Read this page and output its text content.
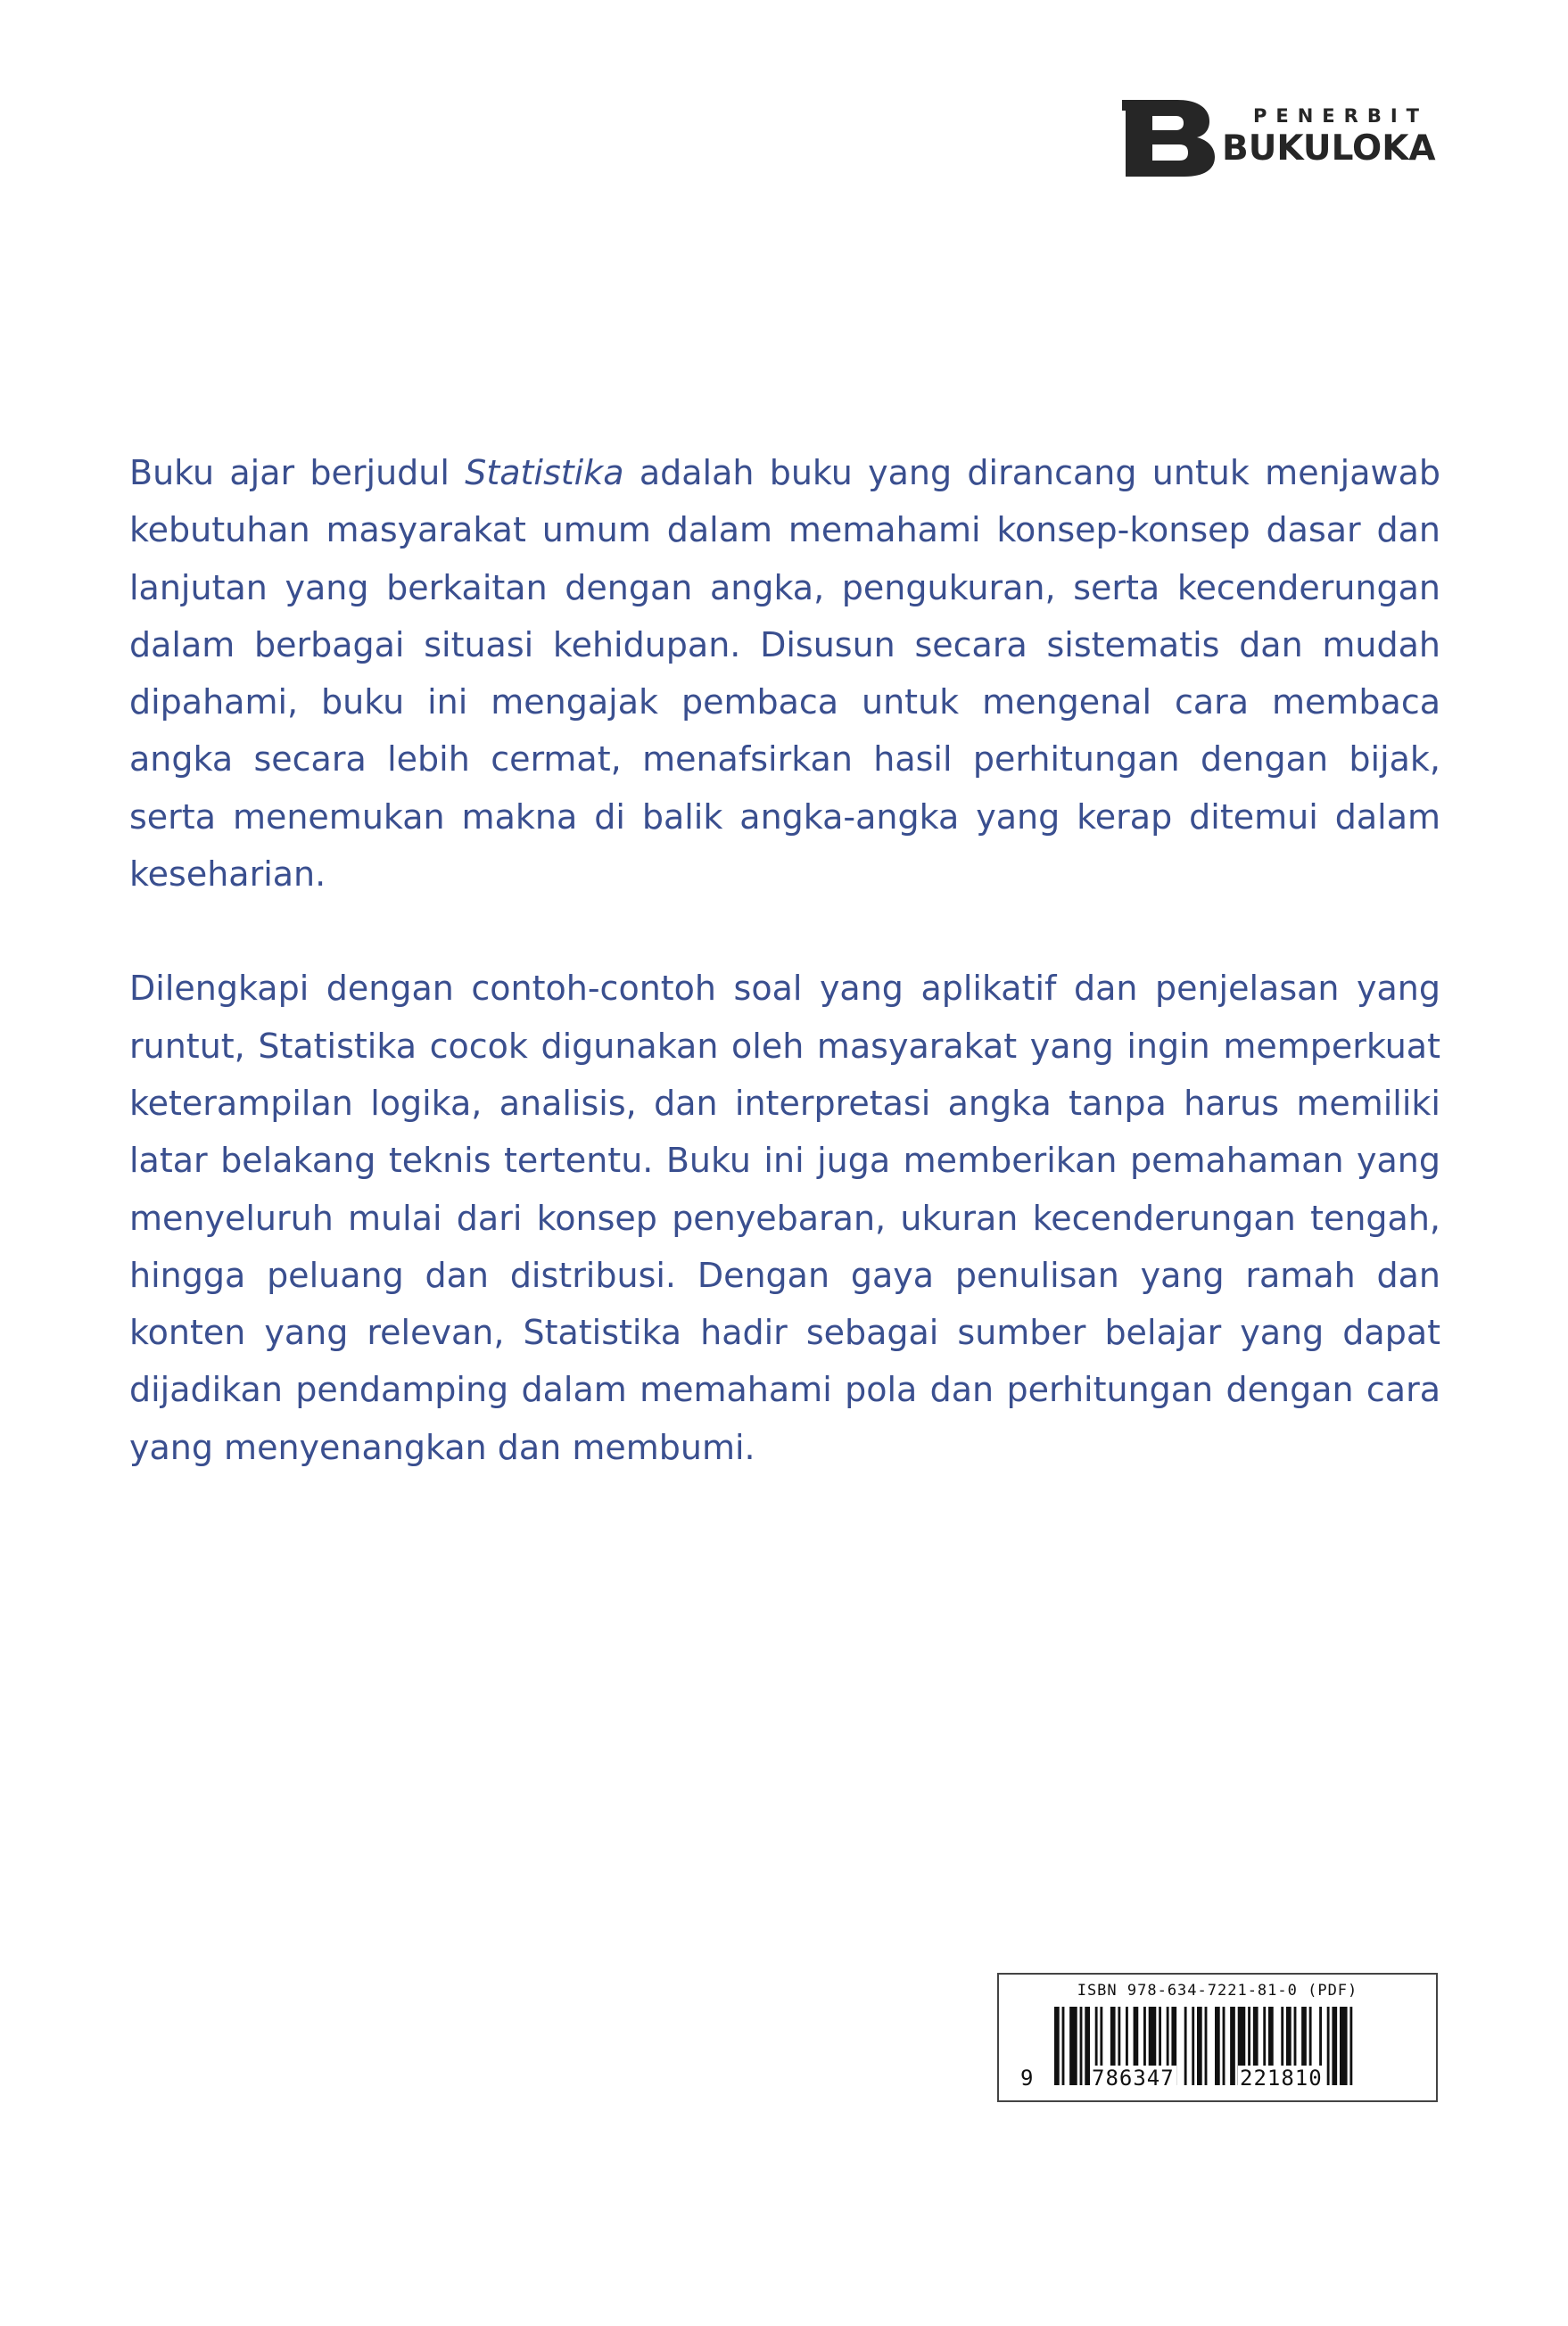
PENERBIT
BUKULOKA

Buku ajar berjudul Statistika adalah buku yang dirancang untuk menjawab kebutuhan masyarakat umum dalam memahami konsep-konsep dasar dan lanjutan yang berkaitan dengan angka, pengukuran, serta kecenderungan dalam berbagai situasi kehidupan. Disusun secara sistematis dan mudah dipahami, buku ini mengajak pembaca untuk mengenal cara membaca angka secara lebih cermat, menafsirkan hasil perhitungan dengan bijak, serta menemukan makna di balik angka-angka yang kerap ditemui dalam keseharian.

Dilengkapi dengan contoh-contoh soal yang aplikatif dan penjelasan yang runtut, Statistika cocok digunakan oleh masyarakat yang ingin memperkuat keterampilan logika, analisis, dan interpretasi angka tanpa harus memiliki latar belakang teknis tertentu. Buku ini juga memberikan pemahaman yang menyeluruh mulai dari konsep penyebaran, ukuran kecenderungan tengah, hingga peluang dan distribusi. Dengan gaya penulisan yang ramah dan konten yang relevan, Statistika hadir sebagai sumber belajar yang dapat dijadikan pendamping dalam memahami pola dan perhitungan dengan cara yang menyenangkan dan membumi.

ISBN 978-634-7221-81-0 (PDF)
9	786347	221810
